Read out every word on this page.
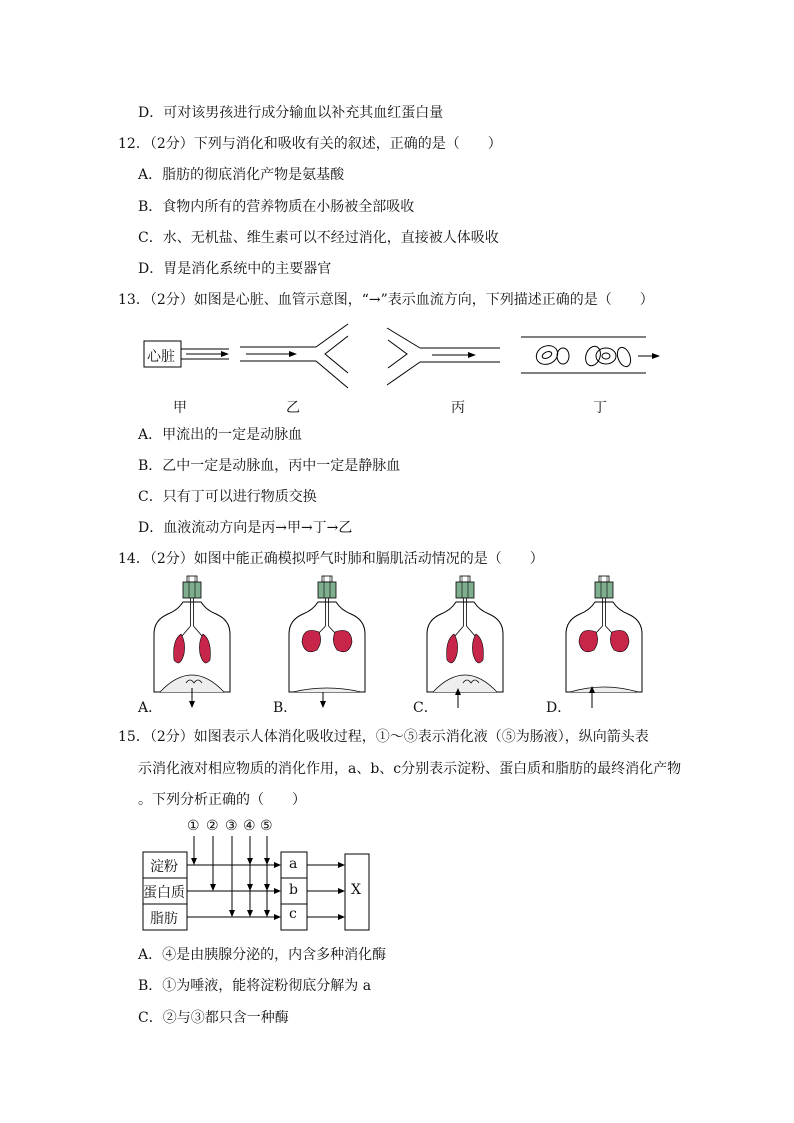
D．可对该男孩进行成分输血以补充其血红蛋白量
12．（2分）下列与消化和吸收有关的叙述，正确的是（　　）
A．脂肪的彻底消化产物是氨基酸
B．食物内所有的营养物质在小肠被全部吸收
C．水、无机盐、维生素可以不经过消化，直接被人体吸收
D．胃是消化系统中的主要器官
13．（2分）如图是心脏、血管示意图，“→”表示血流方向，下列描述正确的是（　　）
心脏
甲	乙	丙	丁
A．甲流出的一定是动脉血
B．乙中一定是动脉血，丙中一定是静脉血
C．只有丁可以进行物质交换
D．血液流动方向是丙→甲→丁→乙
14．（2分）如图中能正确模拟呼气时肺和膈肌活动情况的是（　　）
A．	B．	C．	D．
15．（2分）如图表示人体消化吸收过程，①～⑤表示消化液（⑤为肠液），纵向箭头表
示消化液对相应物质的消化作用，a、b、c分别表示淀粉、蛋白质和脂肪的最终消化产物
。下列分析正确的（　　）
① ② ③ ④ ⑤
淀粉
蛋白质
脂肪
a
b
c
X
A．④是由胰腺分泌的，内含多种消化酶
B．①为唾液，能将淀粉彻底分解为 a
C．②与③都只含一种酶
